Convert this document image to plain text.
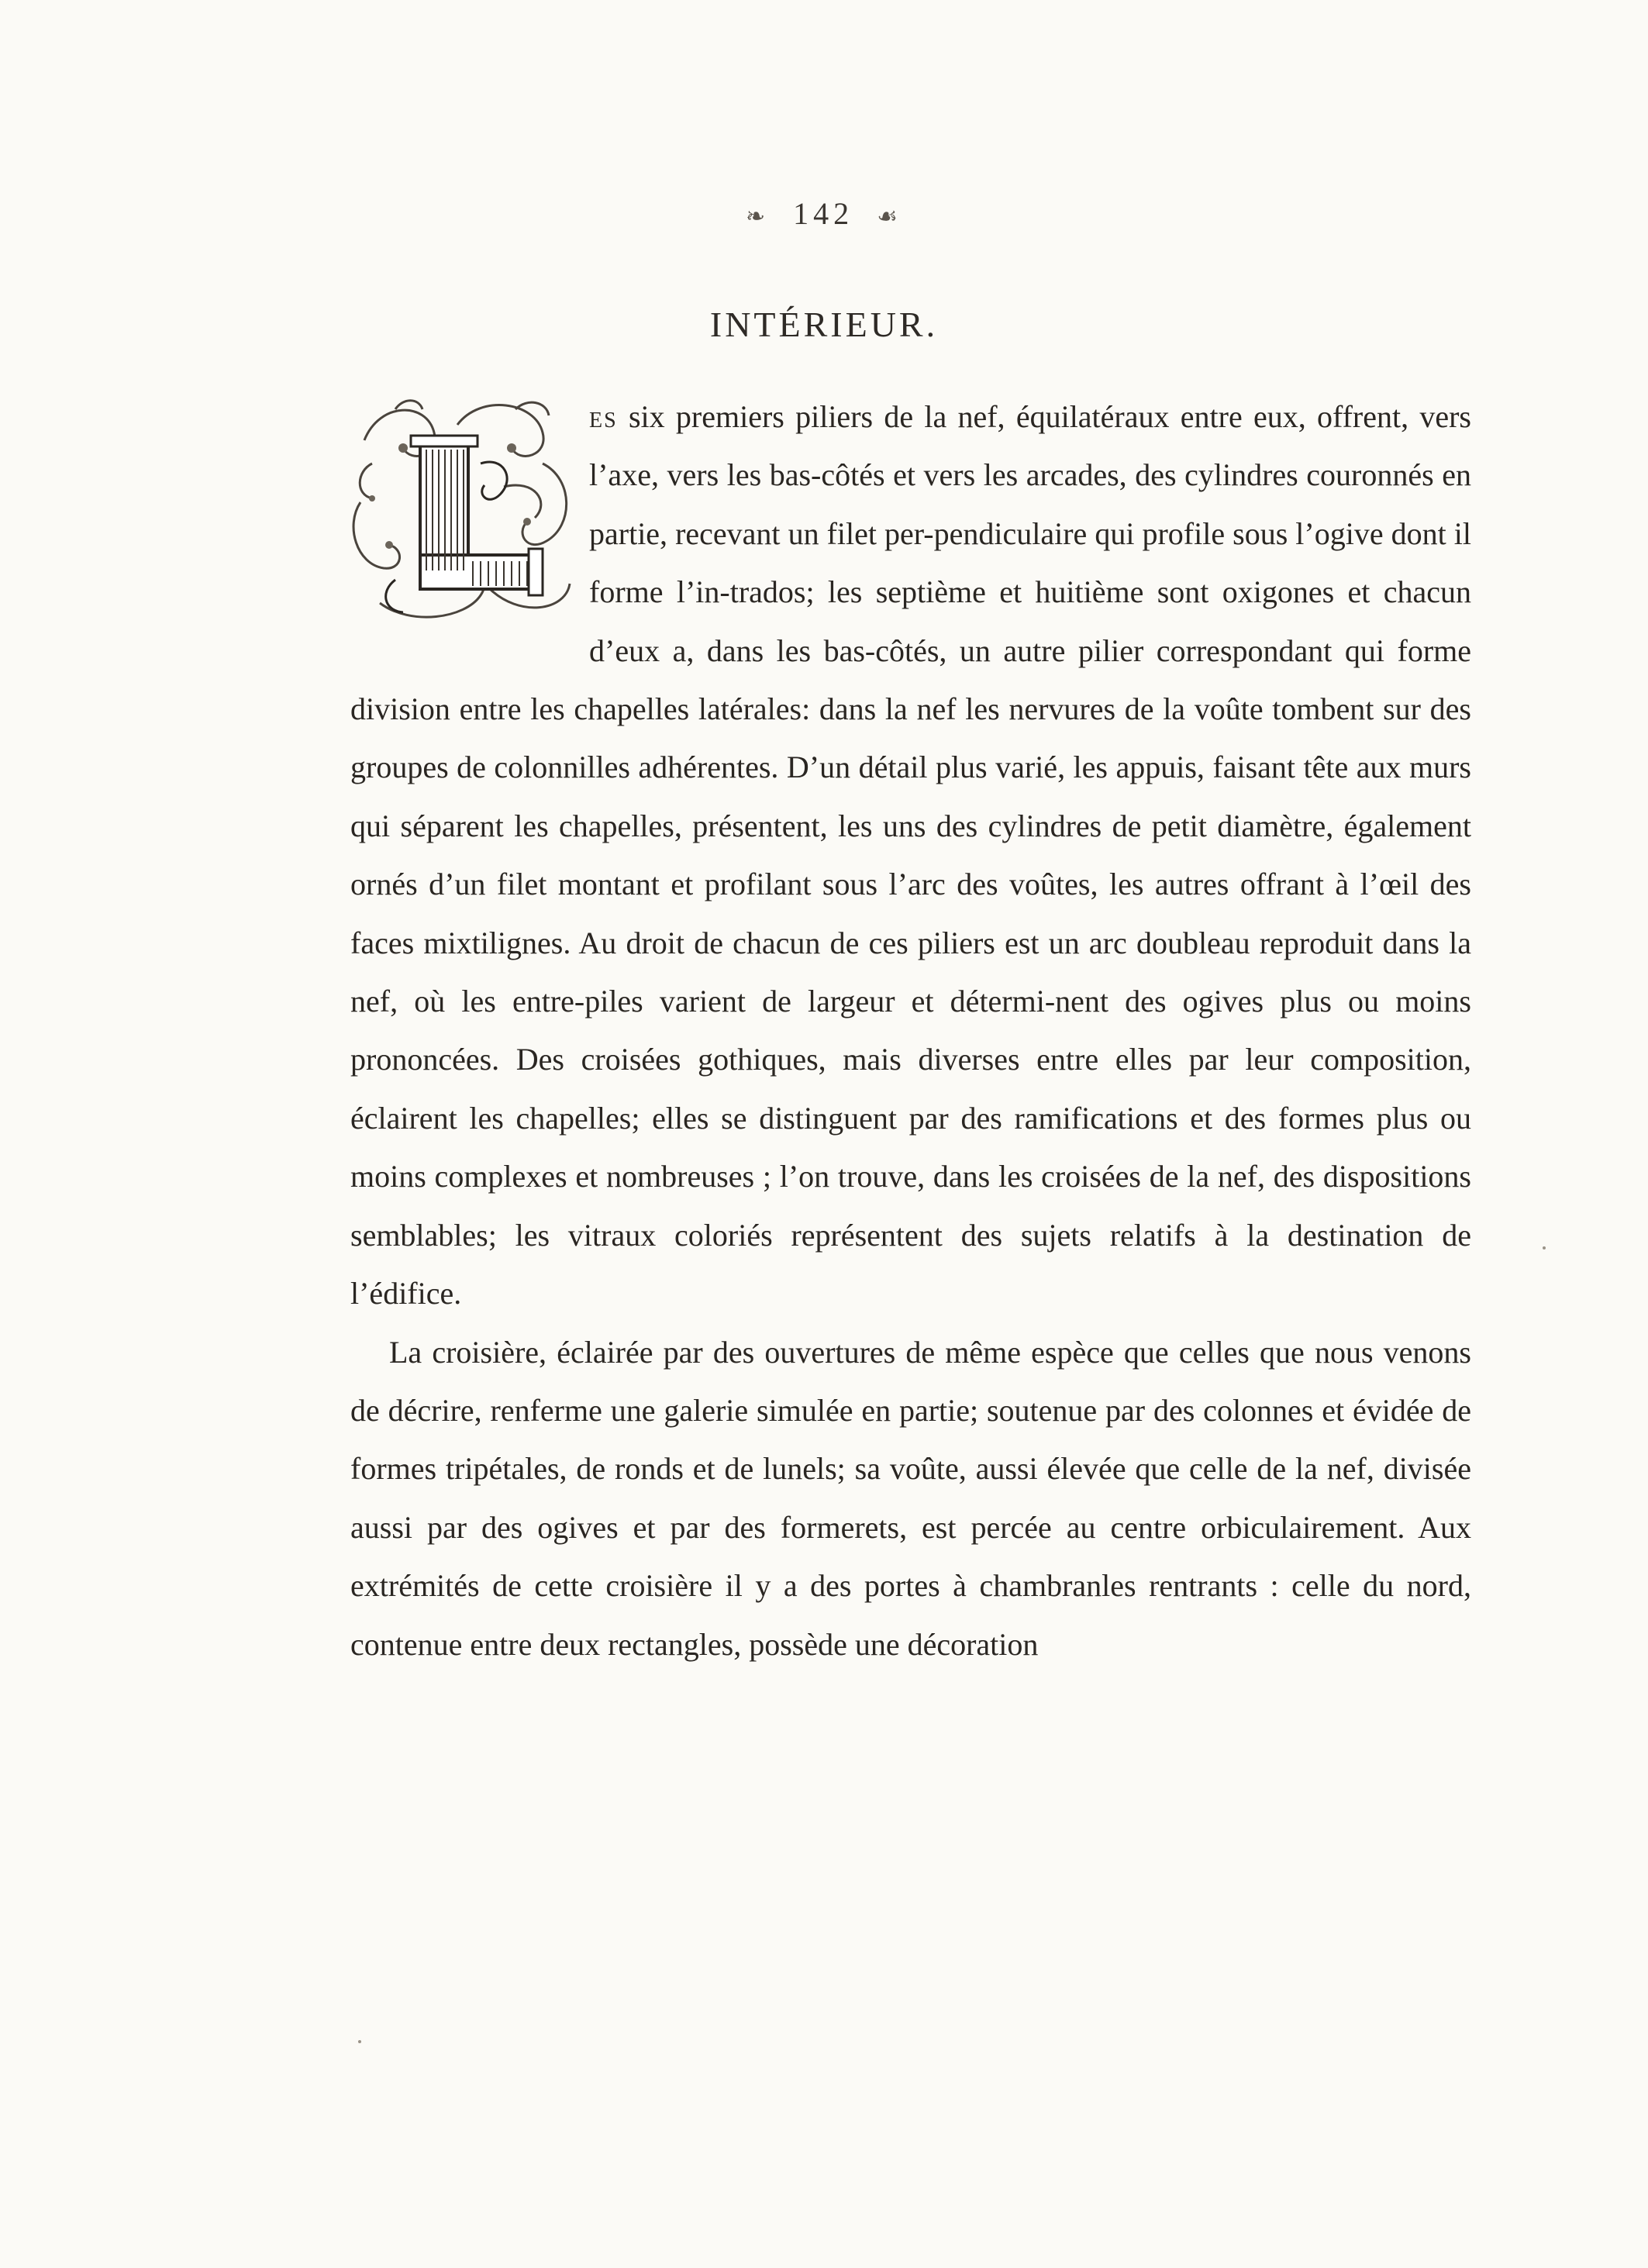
❧ 142 ☙
INTÉRIEUR.

es six premiers piliers de la nef, équilatéraux entre eux, offrent, vers l’axe, vers les bas-côtés et vers les arcades, des cylindres couronnés en partie, recevant un filet per-pendiculaire qui profile sous l’ogive dont il forme l’in-trados; les septième et huitième sont oxigones et chacun d’eux a, dans les bas-côtés, un autre pilier correspondant qui forme division entre les chapelles latérales: dans la nef les nervures de la voûte tombent sur des groupes de colonnilles adhérentes. D’un détail plus varié, les appuis, faisant tête aux murs qui séparent les chapelles, présentent, les uns des cylindres de petit diamètre, également ornés d’un filet montant et profilant sous l’arc des voûtes, les autres offrant à l’œil des faces mixtilignes. Au droit de chacun de ces piliers est un arc doubleau reproduit dans la nef, où les entre-piles varient de largeur et détermi-nent des ogives plus ou moins prononcées. Des croisées gothiques, mais diverses entre elles par leur composition, éclairent les chapelles; elles se distinguent par des ramifications et des formes plus ou moins complexes et nombreuses ; l’on trouve, dans les croisées de la nef, des dispositions semblables; les vitraux coloriés représentent des sujets relatifs à la destination de l’édifice.

La croisière, éclairée par des ouvertures de même espèce que celles que nous venons de décrire, renferme une galerie simulée en partie; soutenue par des colonnes et évidée de formes tripétales, de ronds et de lunels; sa voûte, aussi élevée que celle de la nef, divisée aussi par des ogives et par des formerets, est percée au centre orbiculairement. Aux extrémités de cette croisière il y a des portes à chambranles rentrants : celle du nord, contenue entre deux rectangles, possède une décoration
